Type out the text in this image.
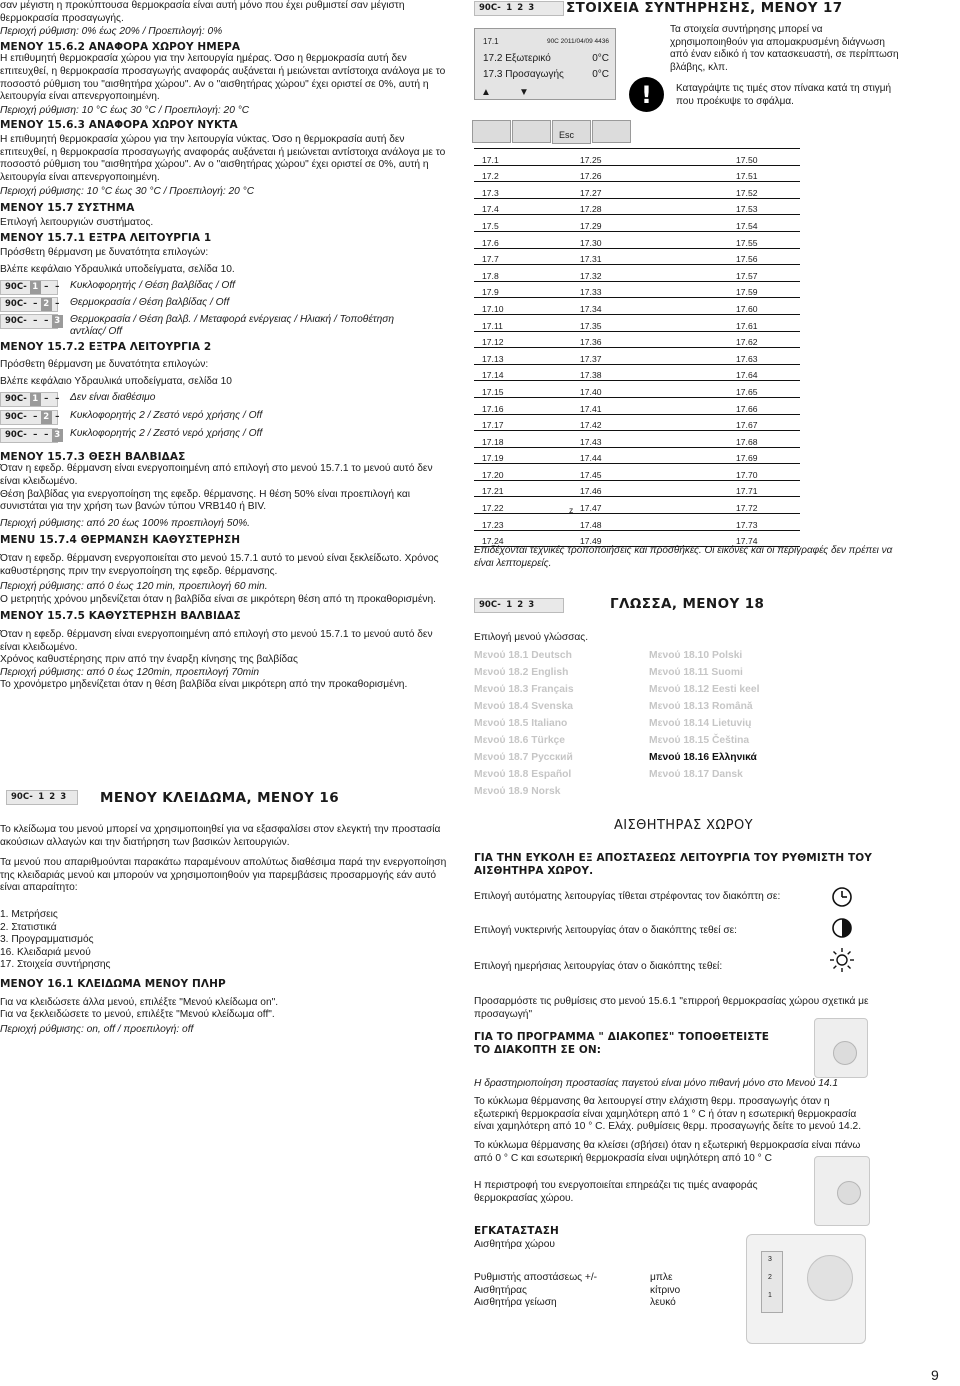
σαν μέγιστη η προκύπτουσα θερμοκρασία είναι αυτή μόνο που έχει ρυθμιστεί σαν μέγιστη θερμοκρασία προσαγωγής.

Περιοχή ρύθμιση: 0% έως 20% / Προεπιλογή: 0%

ΜΕΝΟΥ 15.6.2 ΑΝΑΦΟΡΑ ΧΩΡΟΥ ΗΜΕΡΑ

Η επιθυμητή θερμοκρασία χώρου για την λειτουργία ημέρας. Όσο η θερμοκρασία αυτή δεν επιτευχθεί, η θερμοκρασία προσαγωγής αναφοράς αυξάνεται ή μειώνεται αντίστοιχα ανάλογα με το ποσοστό ρύθμιση του "αισθητήρα χώρου". Αν ο "αισθητήρας χώρου" έχει οριστεί σε 0%, αυτή η λειτουργία είναι απενεργοποιημένη.

Περιοχή ρύθμιση: 10 °C έως 30 °C / Προεπιλογή: 20 °C

ΜΕΝΟΥ 15.6.3 ΑΝΑΦΟΡΑ ΧΩΡΟΥ ΝΥΚΤΑ

Η επιθυμητή θερμοκρασία χώρου για την λειτουργία νύκτας. Όσο η θερμοκρασία αυτή δεν επιτευχθεί, η θερμοκρασία προσαγωγής αναφοράς αυξάνεται ή μειώνεται αντίστοιχα ανάλογα με το ποσοστό ρύθμιση του "αισθητήρα χώρου". Αν ο "αισθητήρας χώρου" έχει οριστεί σε 0%, αυτή η λειτουργία είναι απενεργοποιημένη.

Περιοχή ρύθμισης: 10 °C έως 30 °C / Προεπιλογή: 20 °C

ΜΕΝΟΥ 15.7 ΣΥΣΤΗΜΑ

Επιλογή λειτουργιών συστήματος.

ΜΕΝΟΥ 15.7.1 ΕΞΤΡΑ ΛΕΙΤΟΥΡΓΙΑ 1

Πρόσθετη θέρμανση με δυνατότητα επιλογών:

Βλέπε κεφάλαιο Υδραυλικά υποδείγματα, σελίδα 10.

90C- 1 – – Κυκλοφορητής / Θέση βαλβίδας / Off
90C- – 2 – Θερμοκρασία / Θέση βαλβίδας / Off
90C- – – 3 Θερμοκρασία / Θέση βαλβ. / Μεταφορά ενέργειας / Ηλιακή / Τοποθέτηση αντλίας/ Off

ΜΕΝΟΥ 15.7.2 ΕΞΤΡΑ ΛΕΙΤΟΥΡΓΙΑ 2

Πρόσθετη θέρμανση με δυνατότητα επιλογών:

Βλέπε κεφάλαιο Υδραυλικά υποδείγματα, σελίδα 10

90C- 1 – – Δεν είναι διαθέσιμο
90C- – 2 – Κυκλοφορητής 2 / Ζεστό νερό χρήσης / Off
90C- – – 3 Κυκλοφορητής 2 / Ζεστό νερό χρήσης / Off

ΜΕΝΟΥ 15.7.3 ΘΕΣΗ ΒΑΛΒΙΔΑΣ

Όταν η εφεδρ. θέρμανση είναι ενεργοποιημένη από επιλογή στο μενού 15.7.1 το μενού αυτό δεν είναι κλειδωμένο.

Θέση βαλβίδας για ενεργοποίηση της εφεδρ. θέρμανσης. Η θέση 50% είναι προεπιλογή και συνιστάται για την χρήση των βανών τύπου VRB140 ή BIV.

Περιοχή ρύθμισης: από 20 έως 100% προεπιλογή 50%.

MENU 15.7.4 ΘΕΡΜΑΝΣΗ ΚΑΘΥΣΤΕΡΗΣΗ

Όταν η εφεδρ. θέρμανση ενεργοποιείται στο μενού 15.7.1 αυτό το μενού είναι ξεκλείδωτο. Χρόνος καθυστέρησης πριν την ενεργοποίηση της εφεδρ. θέρμανσης.

Περιοχή ρύθμισης: από 0 έως 120 min, προεπιλογή 60 min.

Ο μετρητής χρόνου μηδενίζεται όταν η βαλβίδα είναι σε μικρότερη θέση από τη προκαθορισμένη.

ΜΕΝΟΥ 15.7.5 ΚΑΘΥΣΤΕΡΗΣΗ ΒΑΛΒΙΔΑΣ

Όταν η εφεδρ. θέρμανση είναι ενεργοποιημένη από επιλογή στο μενού 15.7.1 το μενού αυτό δεν είναι κλειδωμένο.

Χρόνος καθυστέρησης πριν από την έναρξη κίνησης της βαλβίδας

Περιοχή ρύθμισης: από 0 έως 120min, προεπιλογή 70min

Το χρονόμετρο μηδενίζεται όταν η θέση βαλβίδα είναι μικρότερη από την προκαθορισμένη.

90C- 1 2 3	ΜΕΝΟΥ ΚΛΕΙΔΩΜΑ, ΜΕΝΟΥ 16

Το κλείδωμα του μενού μπορεί να χρησιμοποιηθεί για να εξασφαλίσει στον ελεγκτή την προστασία ακούσιων αλλαγών και την διατήρηση των βασικών λειτουργιών.

Τα μενού που απαριθμούνται παρακάτω παραμένουν απολύτως διαθέσιμα παρά την ενεργοποίηση της κλειδαριάς μενού και μπορούν να χρησιμοποιηθούν για παρεμβάσεις προσαρμογής εάν αυτό είναι απαραίτητο:

1. Μετρήσεις

2. Στατιστικά

3. Προγραμματισμός

16. Κλειδαριά μενού

17. Στοιχεία συντήρησης

ΜΕΝΟΥ 16.1 ΚΛΕΙΔΩΜΑ ΜΕΝΟΥ ΠΛΗΡ

Για να κλειδώσετε άλλα μενού, επιλέξτε "Μενού κλείδωμα on".

Για να ξεκλειδώσετε το μενού, επιλέξτε "Μενού κλείδωμα off".

Περιοχή ρύθμισης: on, off / προεπιλογή: off

90C- 1 2 3	ΣΤΟΙΧΕΙΑ ΣΥΝΤΗΡΗΣΗΣ, ΜΕΝΟΥ 17
17.1	90C 2011/04/09 4436
17.2 Εξωτερικό	0°C
17.3 Προσαγωγής	0°C
▲	▼
Esc
Τα στοιχεία συντήρησης μπορεί να χρησιμοποιηθούν για απομακρυσμένη διάγνωση από έναν ειδικό ή τον κατασκευαστή, σε περίπτωση βλάβης, κλπ.
!	Καταγράψτε τις τιμές στον πίνακα κατά τη στιγμή που προέκυψε το σφάλμα.
17.1	17.25	17.50
17.2	17.26	17.51
17.3	17.27	17.52
17.4	17.28	17.53
17.5	17.29	17.54
17.6	17.30	17.55
17.7	17.31	17.56
17.8	17.32	17.57
17.9	17.33	17.59
17.10	17.34	17.60
17.11	17.35	17.61
17.12	17.36	17.62
17.13	17.37	17.63
17.14	17.38	17.64
17.15	17.40	17.65
17.16	17.41	17.66
17.17	17.42	17.67
17.18	17.43	17.68
17.19	17.44	17.69
17.20	17.45	17.70
17.21	17.46	17.71
17.22	17.47	17.72
17.23	17.48	17.73
17.24	17.49	17.74
z
Επιδέχονται τεχνικές τροποποιήσεις και προσθήκες. Οι εικόνες και οι περιγραφές δεν πρέπει να είναι λεπτομερείς.
90C- 1 2 3	ΓΛΩΣΣΑ, ΜΕΝΟΥ 18
Επιλογή μενού γλώσσας.
Μενού 18.1 Deutsch
Μενού 18.2 English
Μενού 18.3 Français
Μενού 18.4 Svenska
Μενού 18.5 Italiano
Μενού 18.6 Türkçe
Μενού 18.7 Русский
Μενού 18.8 Español
Μενού 18.9 Norsk
Μενού 18.10 Polski
Μενού 18.11 Suomi
Μενού 18.12 Eesti keel
Μενού 18.13 Română
Μενού 18.14 Lietuvių
Μενού 18.15 Čeština
Μενού 18.16 Ελληνικά
Μενού 18.17 Dansk
ΑΙΣΘΗΤΗΡΑΣ ΧΩΡΟΥ
ΓΙΑ ΤΗΝ ΕΥΚΟΛΗ ΕΞ ΑΠΟΣΤΑΣΕΩΣ ΛΕΙΤΟΥΡΓΙΑ ΤΟΥ ΡΥΘΜΙΣΤΗ ΤΟΥ ΑΙΣΘΗΤΗΡΑ ΧΩΡΟΥ.
Επιλογή αυτόματης λειτουργίας τίθεται στρέφοντας τον διακόπτη σε:
Επιλογή νυκτερινής λειτουργίας όταν ο διακόπτης τεθεί σε:
Επιλογή ημερήσιας λειτουργίας όταν ο διακόπτης τεθεί:
Προσαρμόστε τις ρυθμίσεις στο μενού 15.6.1 "επιρροή θερμοκρασίας χώρου σχετικά με προσαγωγή"
ΓΙΑ ΤΟ ΠΡΟΓΡΑΜΜΑ " ΔΙΑΚΟΠΕΣ" ΤΟΠΟΘΕΤΕΙΣΤΕ ΤΟ ΔΙΑΚΟΠΤΗ ΣΕ ON:
Η δραστηριοποίηση προστασίας παγετού είναι μόνο πιθανή μόνο στο Μενού 14.1
Το κύκλωμα θέρμανσης θα λειτουργεί στην ελάχιστη θερμ. προσαγωγής όταν η εξωτερική θερμοκρασία είναι χαμηλότερη από 1 ° C ή όταν η εσωτερική θερμοκρασία είναι χαμηλότερη από 10 ° C. Ελάχ. ρυθμίσεις θερμ. προσαγωγής δείτε το μενού 14.2.
Το κύκλωμα θέρμανσης θα κλείσει (σβήσει) όταν η εξωτερική θερμοκρασία είναι πάνω από 0 ° C και εσωτερική θερμοκρασία είναι υψηλότερη από 10 ° C
Η περιστροφή του ενεργοποιείται επηρεάζει τις τιμές αναφοράς θερμοκρασίας χώρου.
ΕΓΚΑΤΑΣΤΑΣΗ
Αισθητήρα χώρου
Ρυθμιστής αποστάσεως +/-	μπλε
Αισθητήρας	κίτρινο
Αισθητήρα γείωση	λευκό
3
2
1
9
